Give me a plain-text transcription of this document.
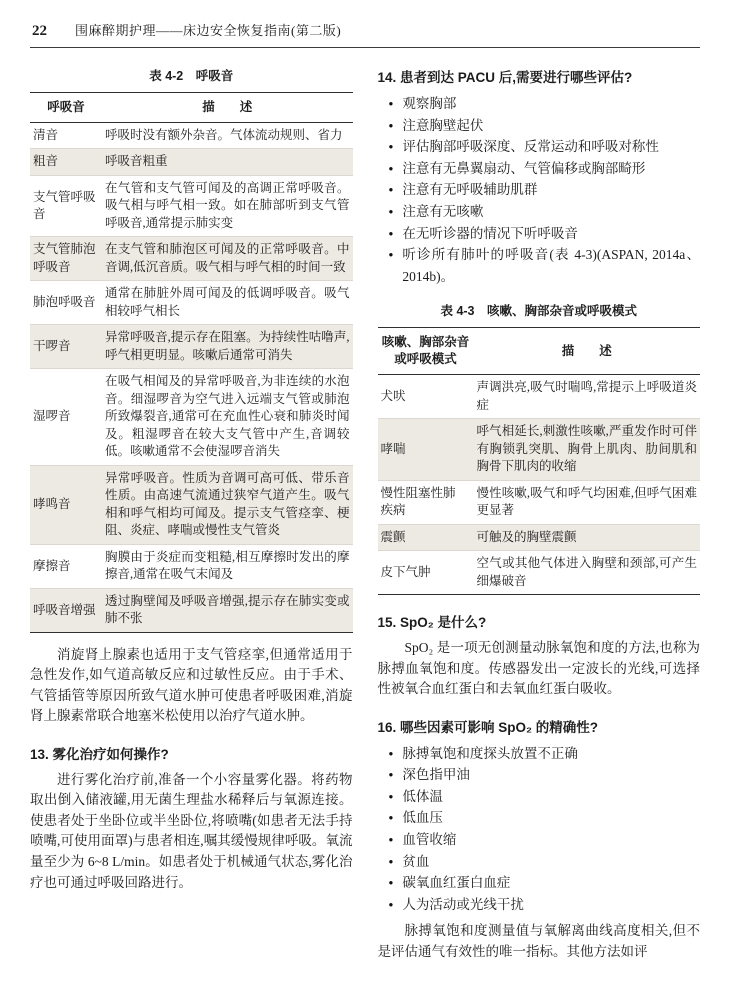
22 围麻醉期护理——床边安全恢复指南(第二版)
表 4-2　呼吸音
呼吸音	描　　述
清音	呼吸时没有额外杂音。气体流动规则、省力
粗音	呼吸音粗重
支气管呼吸音	在气管和支气管可闻及的高调正常呼吸音。吸气相与呼气相一致。如在肺部听到支气管呼吸音,通常提示肺实变
支气管肺泡呼吸音	在支气管和肺泡区可闻及的正常呼吸音。中音调,低沉音质。吸气相与呼气相的时间一致
肺泡呼吸音	通常在肺脏外周可闻及的低调呼吸音。吸气相较呼气相长
干啰音	异常呼吸音,提示存在阻塞。为持续性咕噜声,呼气相更明显。咳嗽后通常可消失
湿啰音	在吸气相闻及的异常呼吸音,为非连续的水泡音。细湿啰音为空气进入远端支气管或肺泡所致爆裂音,通常可在充血性心衰和肺炎时闻及。粗湿啰音在较大支气管中产生,音调较低。咳嗽通常不会使湿啰音消失
哮鸣音	异常呼吸音。性质为音调可高可低、带乐音性质。由高速气流通过狭窄气道产生。吸气相和呼气相均可闻及。提示支气管痉挛、梗阻、炎症、哮喘或慢性支气管炎
摩擦音	胸膜由于炎症而变粗糙,相互摩擦时发出的摩擦音,通常在吸气末闻及
呼吸音增强	透过胸壁闻及呼吸音增强,提示存在肺实变或肺不张

消旋肾上腺素也适用于支气管痉挛,但通常适用于急性发作,如气道高敏反应和过敏性反应。由于手术、气管插管等原因所致气道水肿可使患者呼吸困难,消旋肾上腺素常联合地塞米松使用以治疗气道水肿。

13. 雾化治疗如何操作?

进行雾化治疗前,准备一个小容量雾化器。将药物取出倒入储液罐,用无菌生理盐水稀释后与氧源连接。使患者处于坐卧位或半坐卧位,将喷嘴(如患者无法手持喷嘴,可使用面罩)与患者相连,嘱其缓慢规律呼吸。氧流量至少为 6~8 L/min。如患者处于机械通气状态,雾化治疗也可通过呼吸回路进行。

14. 患者到达 PACU 后,需要进行哪些评估?
● 观察胸部
● 注意胸壁起伏
● 评估胸部呼吸深度、反常运动和呼吸对称性
● 注意有无鼻翼扇动、气管偏移或胸部畸形
● 注意有无呼吸辅助肌群
● 注意有无咳嗽
● 在无听诊器的情况下听呼吸音
● 听诊所有肺叶的呼吸音(表 4-3)(ASPAN, 2014a、2014b)。
表 4-3　咳嗽、胸部杂音或呼吸模式
咳嗽、胸部杂音或呼吸模式	描　　述
犬吠	声调洪亮,吸气时喘鸣,常提示上呼吸道炎症
哮喘	呼气相延长,刺激性咳嗽,严重发作时可伴有胸锁乳突肌、胸骨上肌肉、肋间肌和胸骨下肌肉的收缩
慢性阻塞性肺疾病	慢性咳嗽,吸气和呼气均困难,但呼气困难更显著
震颤	可触及的胸壁震颤
皮下气肿	空气或其他气体进入胸壁和颈部,可产生细爆破音
15. SpO₂ 是什么?

SpO₂ 是一项无创测量动脉氧饱和度的方法,也称为脉搏血氧饱和度。传感器发出一定波长的光线,可选择性被氧合血红蛋白和去氧血红蛋白吸收。

16. 哪些因素可影响 SpO₂ 的精确性?
● 脉搏氧饱和度探头放置不正确
● 深色指甲油
● 低体温
● 低血压
● 血管收缩
● 贫血
● 碳氧血红蛋白血症
● 人为活动或光线干扰

脉搏氧饱和度测量值与氧解离曲线高度相关,但不是评估通气有效性的唯一指标。其他方法如评
